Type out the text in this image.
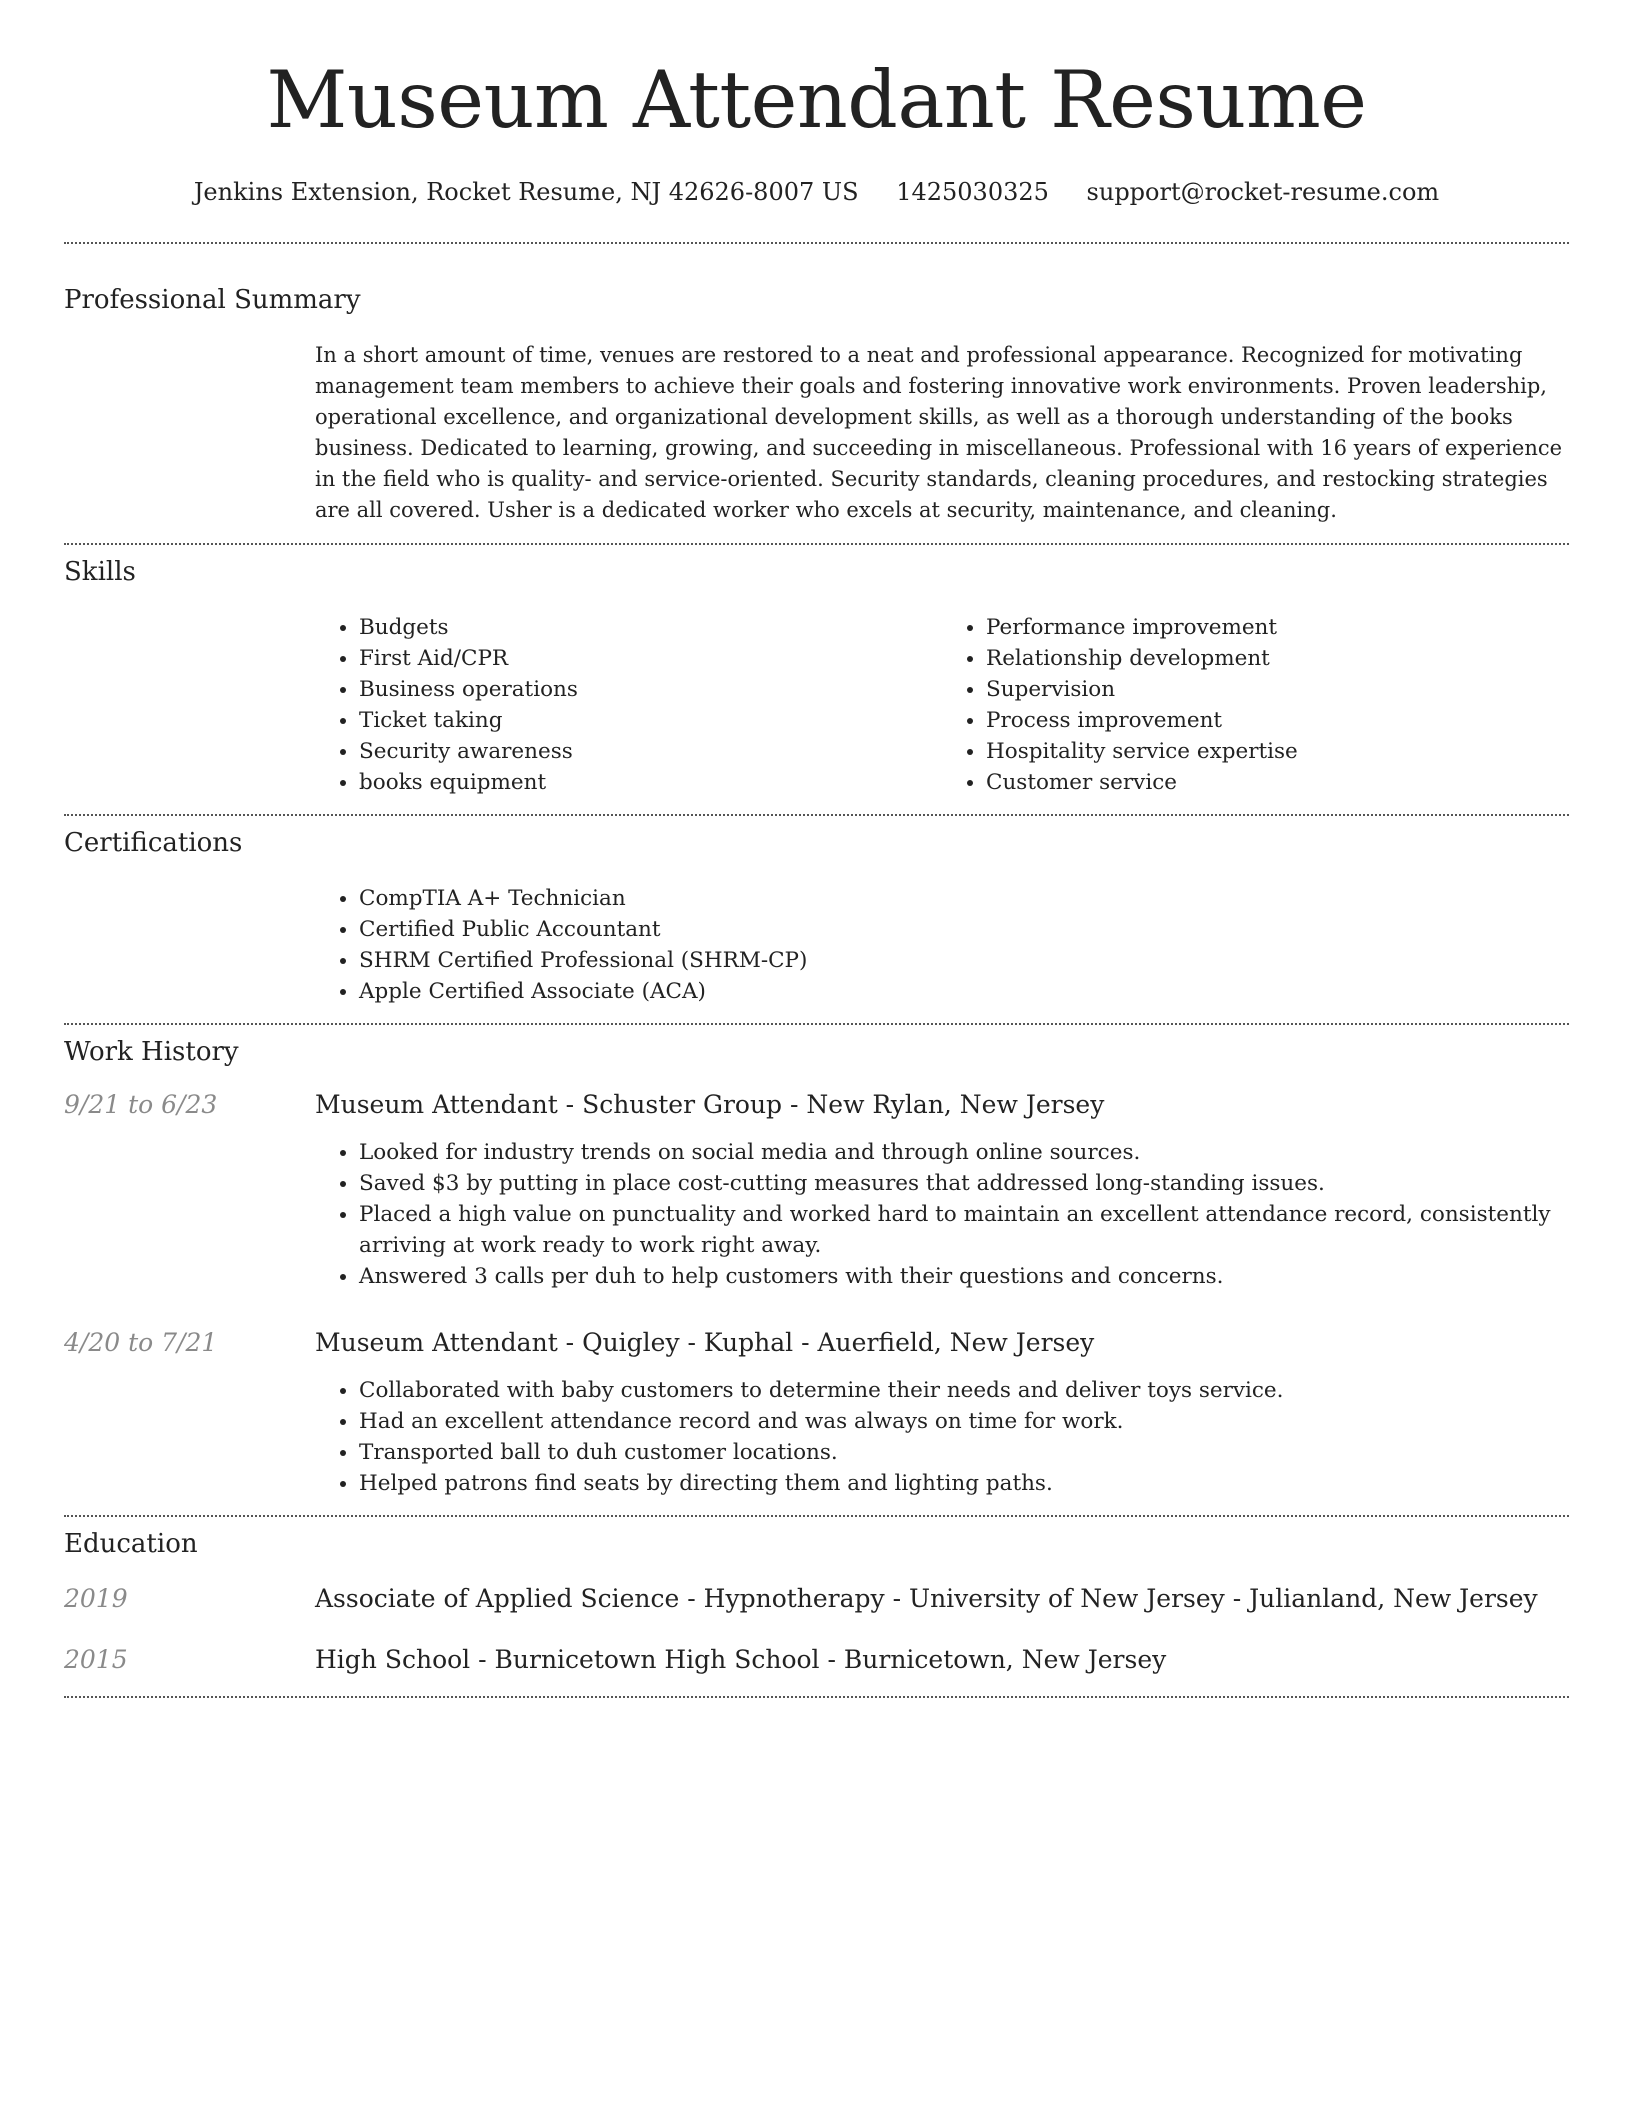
Museum Attendant Resume
Jenkins Extension, Rocket Resume, NJ 42626-8007 US 1425030325 support@rocket-resume.com
Professional Summary

In a short amount of time, venues are restored to a neat and professional appearance. Recognized for motivating management team members to achieve their goals and fostering innovative work environments. Proven leadership, operational excellence, and organizational development skills, as well as a thorough understanding of the books business. Dedicated to learning, growing, and succeeding in miscellaneous. Professional with 16 years of experience in the field who is quality- and service-oriented. Security standards, cleaning procedures, and restocking strategies are all covered. Usher is a dedicated worker who excels at security, maintenance, and cleaning.

Skills
• Budgets
• First Aid/CPR
• Business operations
• Ticket taking
• Security awareness
• books equipment
• Performance improvement
• Relationship development
• Supervision
• Process improvement
• Hospitality service expertise
• Customer service
Certifications
• CompTIA A+ Technician
• Certified Public Accountant
• SHRM Certified Professional (SHRM-CP)
• Apple Certified Associate (ACA)
Work History
9/21 to 6/23	Museum Attendant - Schuster Group - New Rylan, New Jersey
• Looked for industry trends on social media and through online sources.
• Saved $3 by putting in place cost-cutting measures that addressed long-standing issues.
• Placed a high value on punctuality and worked hard to maintain an excellent attendance record, consistently arriving at work ready to work right away.
• Answered 3 calls per duh to help customers with their questions and concerns.
4/20 to 7/21	Museum Attendant - Quigley - Kuphal - Auerfield, New Jersey
• Collaborated with baby customers to determine their needs and deliver toys service.
• Had an excellent attendance record and was always on time for work.
• Transported ball to duh customer locations.
• Helped patrons find seats by directing them and lighting paths.
Education
2019	Associate of Applied Science - Hypnotherapy - University of New Jersey - Julianland, New Jersey
2015	High School - Burnicetown High School - Burnicetown, New Jersey
